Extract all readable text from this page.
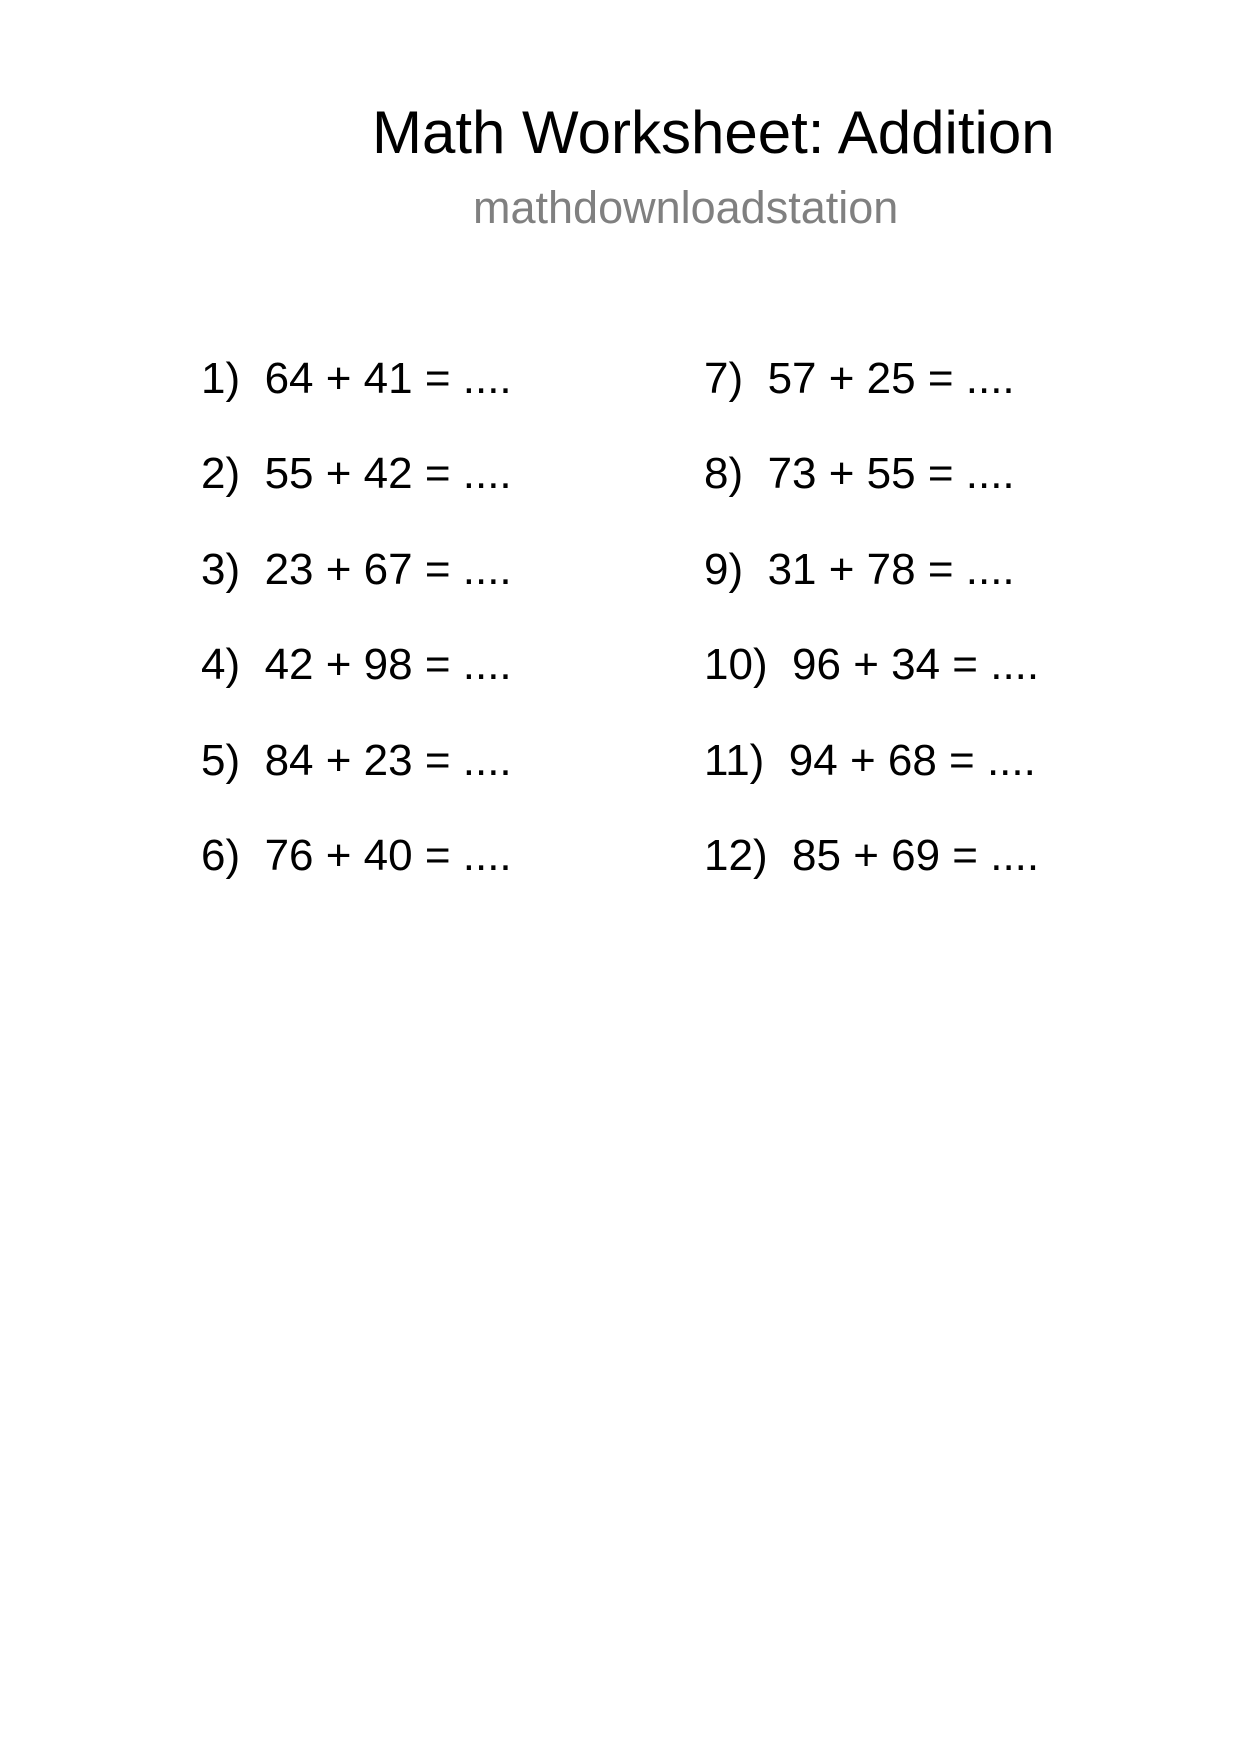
Math Worksheet: Addition
mathdownloadstation
1)  64 + 41 = ....
2)  55 + 42 = ....
3)  23 + 67 = ....
4)  42 + 98 = ....
5)  84 + 23 = ....
6)  76 + 40 = ....
7)  57 + 25 = ....
8)  73 + 55 = ....
9)  31 + 78 = ....
10)  96 + 34 = ....
11)  94 + 68 = ....
12)  85 + 69 = ....
